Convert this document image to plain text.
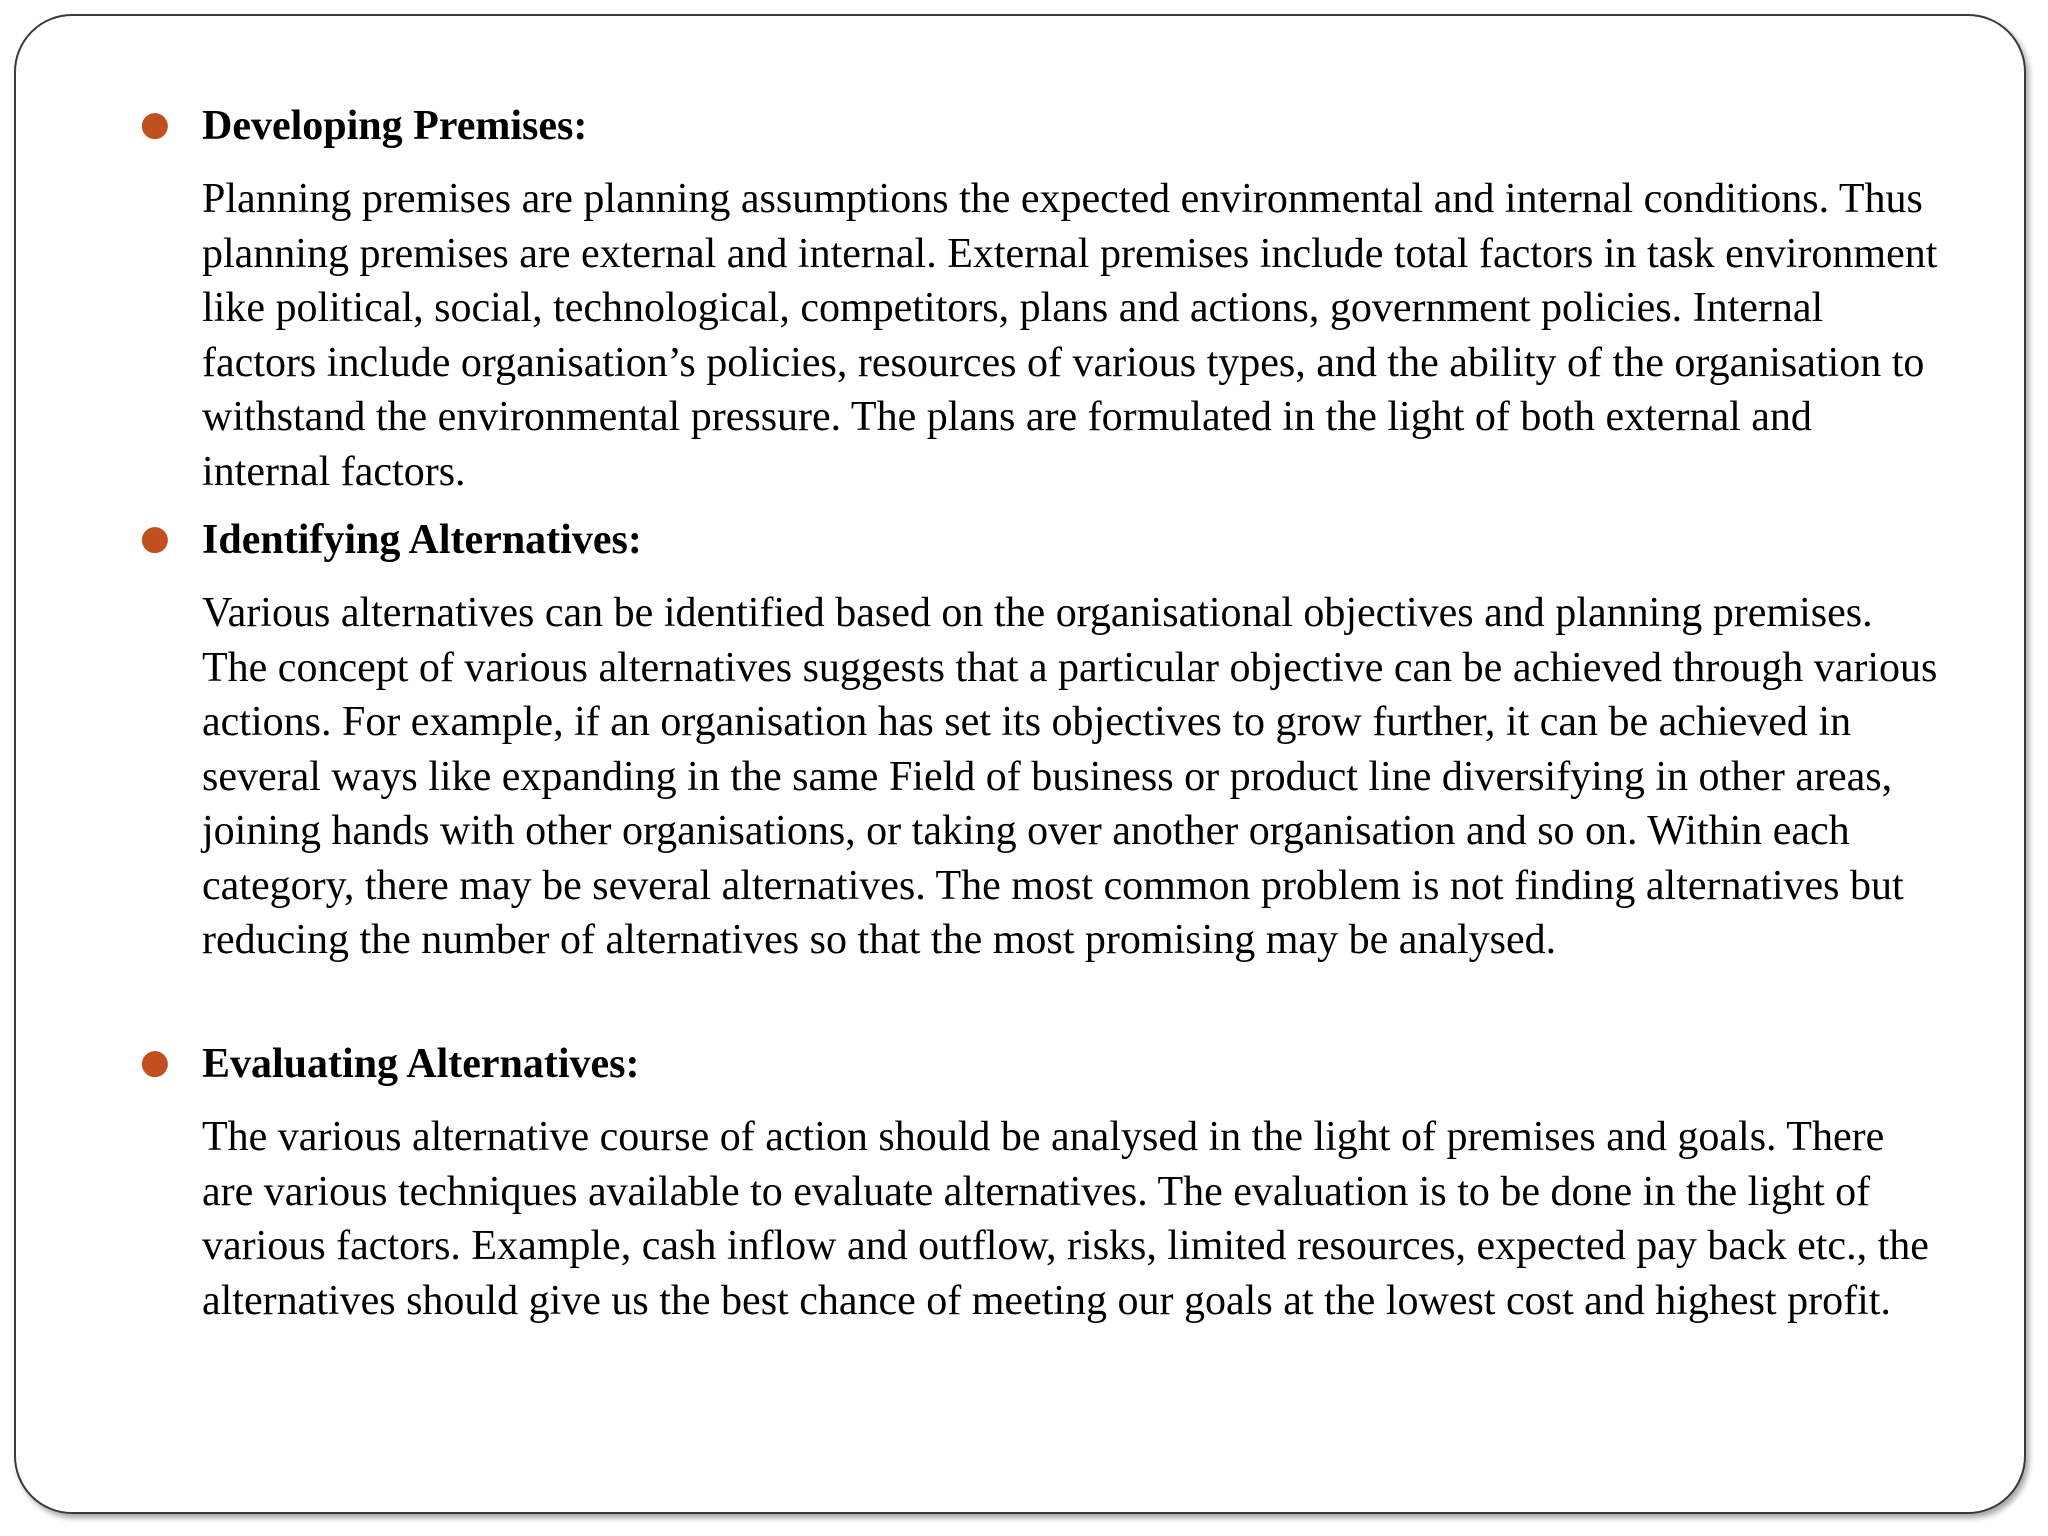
● Developing Premises:

Planning premises are planning assumptions the expected environmental and internal conditions. Thus planning premises are external and internal. External premises include total factors in task environment like political, social, technological, competitors, plans and actions, government policies. Internal factors include organisation’s policies, resources of various types, and the ability of the organisation to withstand the environmental pressure. The plans are formulated in the light of both external and internal factors.

● Identifying Alternatives:

Various alternatives can be identified based on the organisational objectives and planning premises. The concept of various alternatives suggests that a particular objective can be achieved through various actions. For example, if an organisation has set its objectives to grow further, it can be achieved in several ways like expanding in the same Field of business or product line diversifying in other areas, joining hands with other organisations, or taking over another organisation and so on. Within each category, there may be several alternatives. The most common problem is not finding alternatives but reducing the number of alternatives so that the most promising may be analysed.

● Evaluating Alternatives:

The various alternative course of action should be analysed in the light of premises and goals. There are various techniques available to evaluate alternatives. The evaluation is to be done in the light of various factors. Example, cash inflow and outflow, risks, limited resources, expected pay back etc., the alternatives should give us the best chance of meeting our goals at the lowest cost and highest profit.
